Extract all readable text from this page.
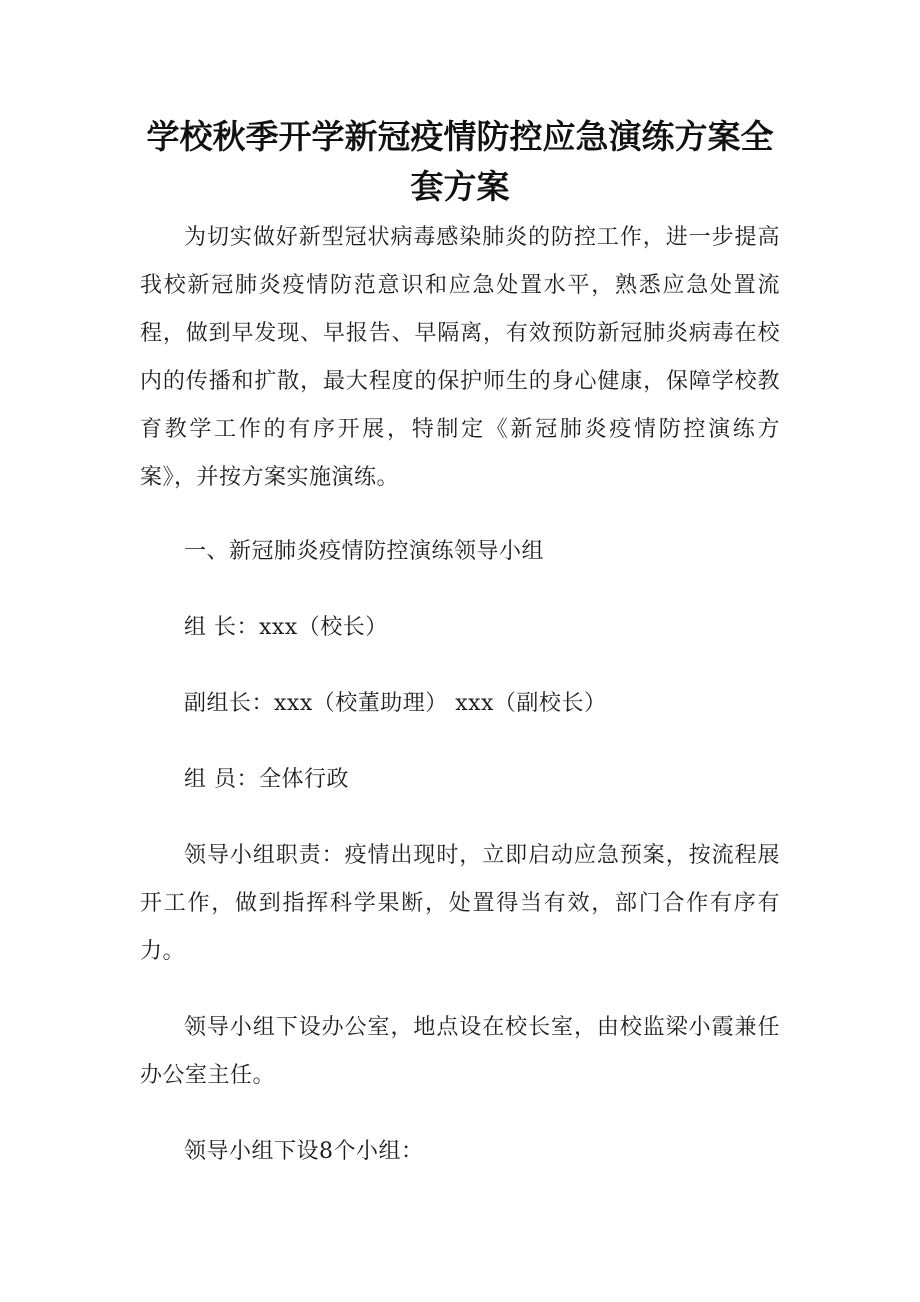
学校秋季开学新冠疫情防控应急演练方案全套方案

为切实做好新型冠状病毒感染肺炎的防控工作，进一步提高我校新冠肺炎疫情防范意识和应急处置水平，熟悉应急处置流程，做到早发现、早报告、早隔离，有效预防新冠肺炎病毒在校内的传播和扩散，最大程度的保护师生的身心健康，保障学校教育教学工作的有序开展，特制定《新冠肺炎疫情防控演练方案》，并按方案实施演练。

一、新冠肺炎疫情防控演练领导小组

组 长：xxx（校长）

副组长：xxx（校董助理） xxx（副校长）

组 员：全体行政

领导小组职责：疫情出现时，立即启动应急预案，按流程展开工作，做到指挥科学果断，处置得当有效，部门合作有序有力。

领导小组下设办公室，地点设在校长室，由校监梁小霞兼任办公室主任。

领导小组下设8个小组：
